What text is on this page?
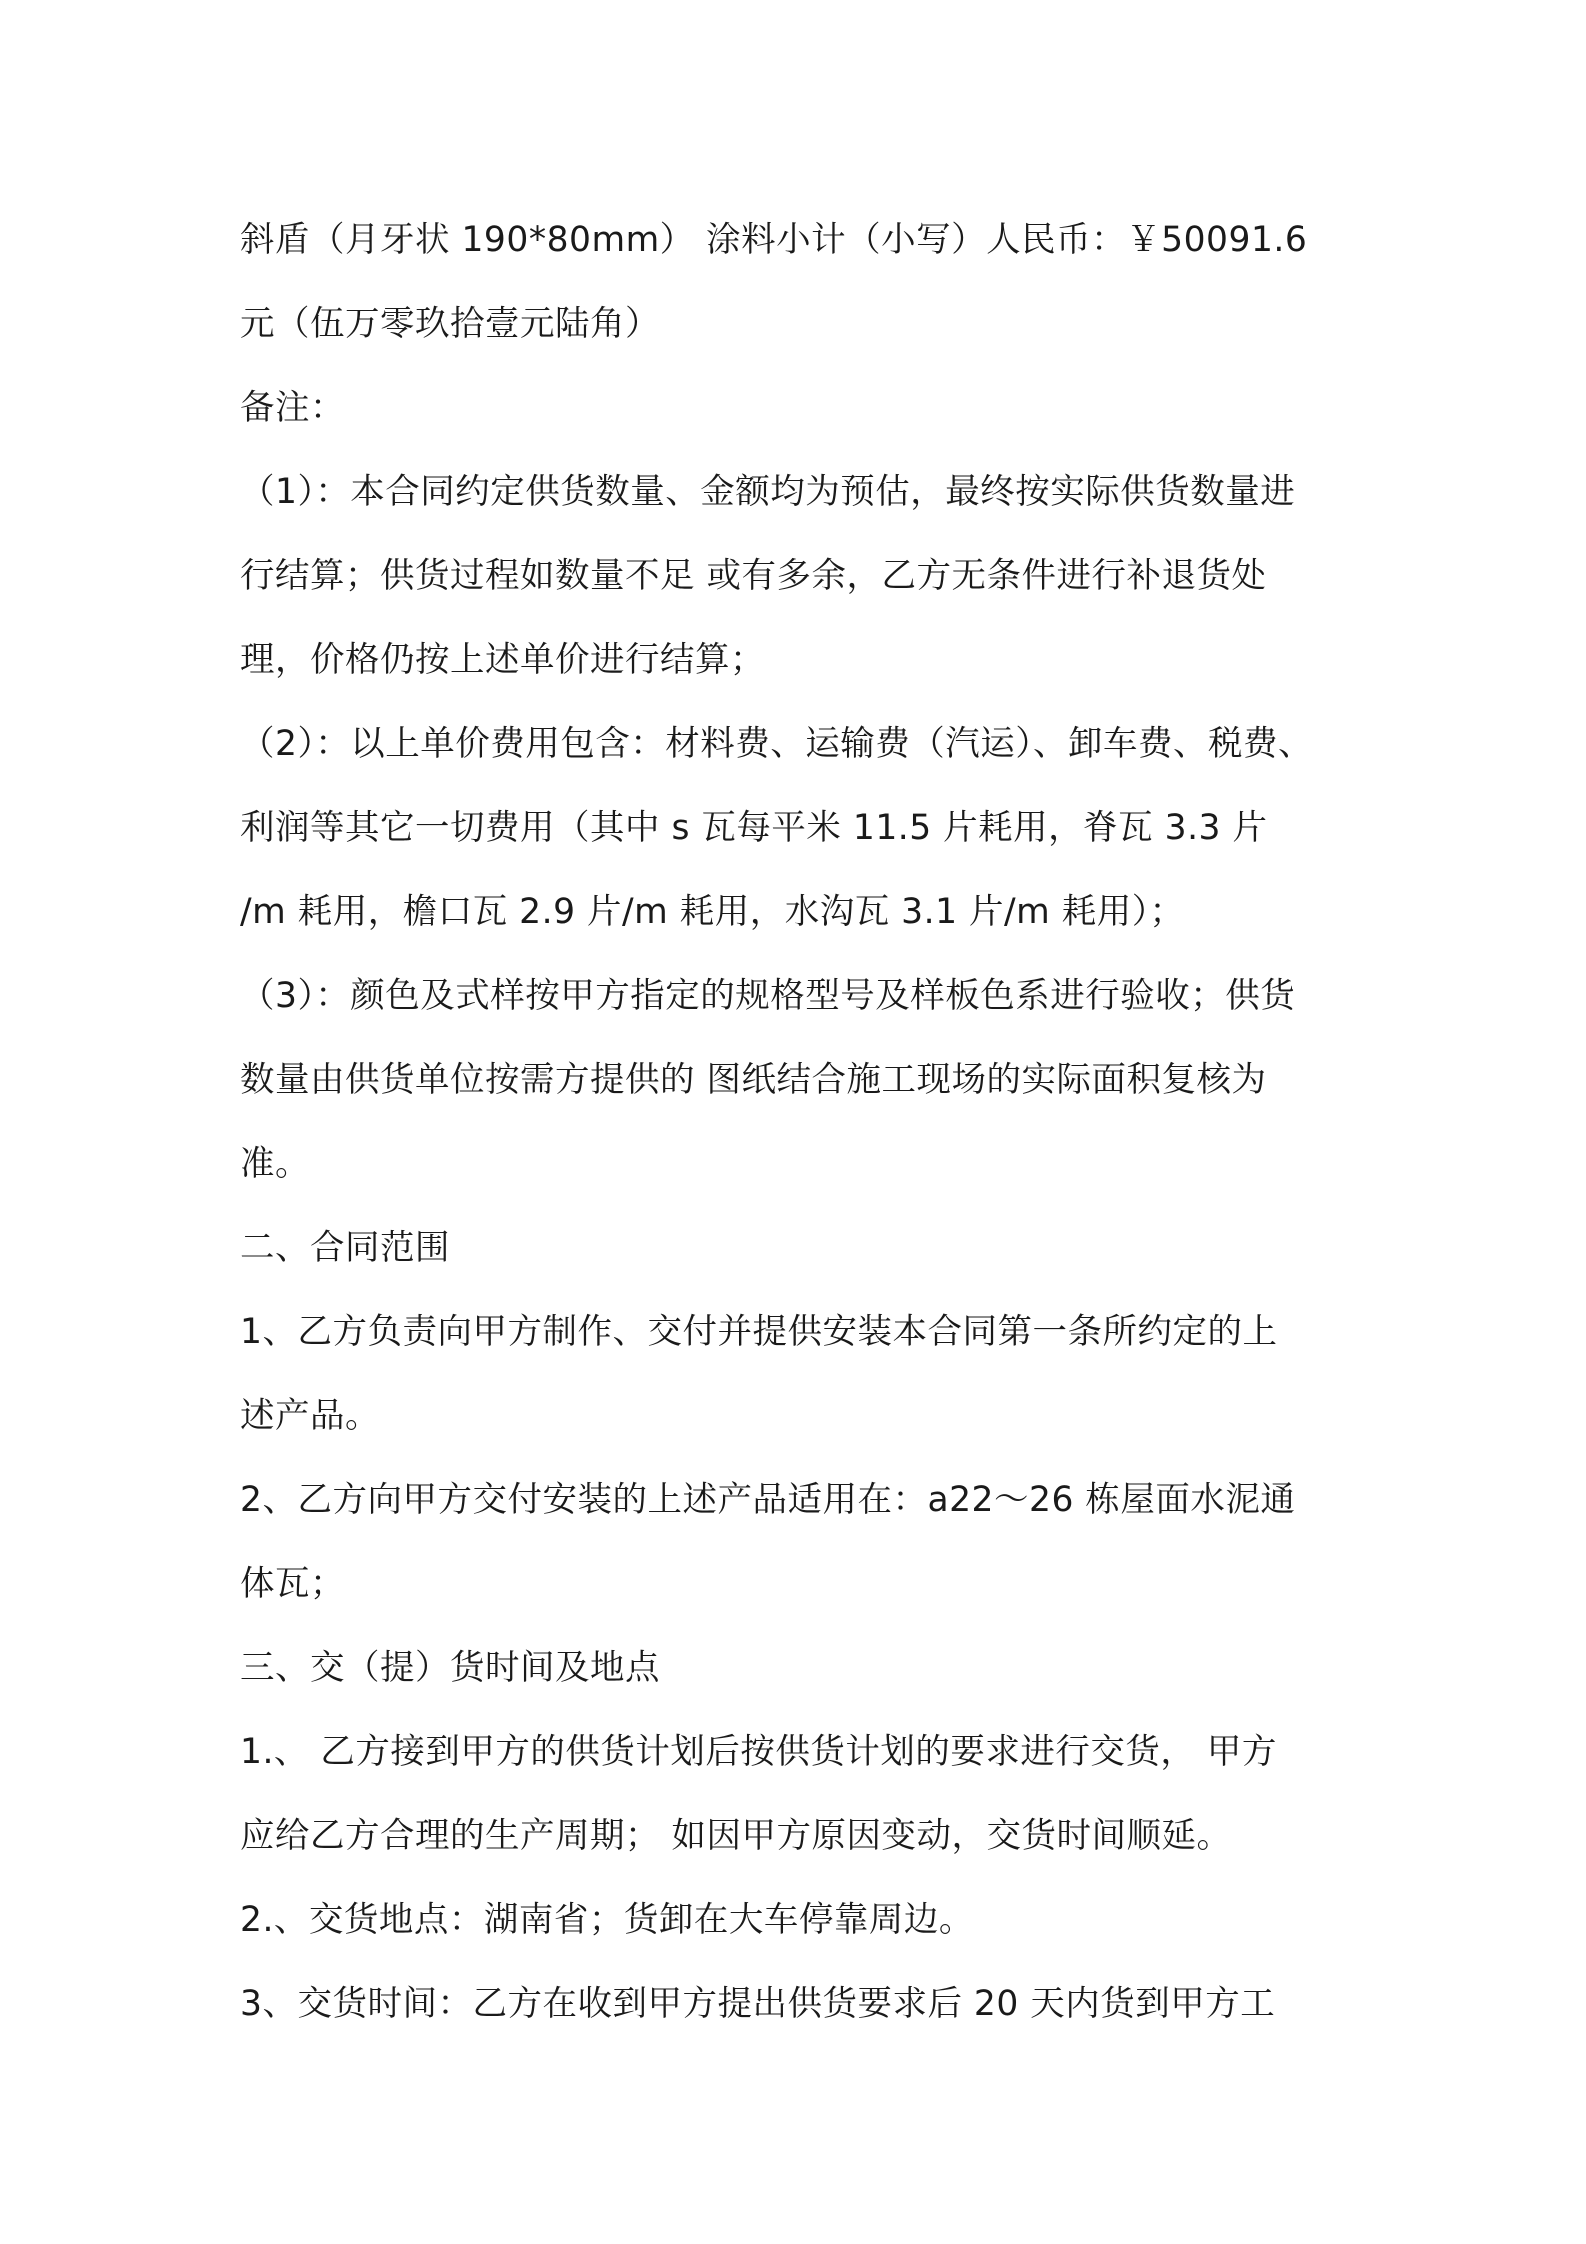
斜盾（月牙状 190*80mm） 涂料小计（小写）人民币：￥50091.6
元（伍万零玖拾壹元陆角）
备注：
（1）：本合同约定供货数量、金额均为预估，最终按实际供货数量进
行结算；供货过程如数量不足 或有多余，乙方无条件进行补退货处
理，价格仍按上述单价进行结算；
（2）：以上单价费用包含：材料费、运输费（汽运）、卸车费、税费、
利润等其它一切费用（其中 s 瓦每平米 11.5 片耗用，脊瓦 3.3 片
/m 耗用，檐口瓦 2.9 片/m 耗用，水沟瓦 3.1 片/m 耗用）；
（3）：颜色及式样按甲方指定的规格型号及样板色系进行验收；供货
数量由供货单位按需方提供的 图纸结合施工现场的实际面积复核为
准。
二、合同范围
1、乙方负责向甲方制作、交付并提供安装本合同第一条所约定的上
述产品。
2、乙方向甲方交付安装的上述产品适用在：a22～26 栋屋面水泥通
体瓦；
三、交（提）货时间及地点
1.、 乙方接到甲方的供货计划后按供货计划的要求进行交货， 甲方
应给乙方合理的生产周期； 如因甲方原因变动，交货时间顺延。
2.、交货地点：湖南省；货卸在大车停靠周边。
3、交货时间：乙方在收到甲方提出供货要求后 20 天内货到甲方工
